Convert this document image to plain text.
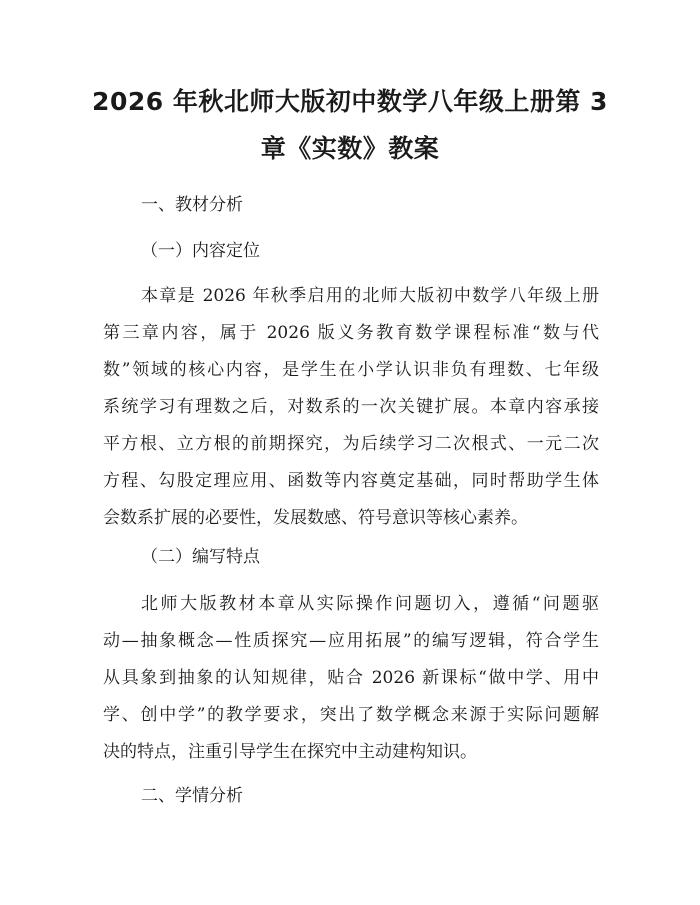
2026 年秋北师大版初中数学八年级上册第 3
章《实数》教案

一、教材分析

（一）内容定位

本章是 2026 年秋季启用的北师大版初中数学八年级上册
第三章内容，属于 2026 版义务教育数学课程标准“数与代
数”领域的核心内容，是学生在小学认识非负有理数、七年级
系统学习有理数之后，对数系的一次关键扩展。本章内容承接
平方根、立方根的前期探究，为后续学习二次根式、一元二次
方程、勾股定理应用、函数等内容奠定基础，同时帮助学生体
会数系扩展的必要性，发展数感、符号意识等核心素养。

（二）编写特点

北师大版教材本章从实际操作问题切入，遵循“问题驱
动—抽象概念—性质探究—应用拓展”的编写逻辑，符合学生
从具象到抽象的认知规律，贴合 2026 新课标“做中学、用中
学、创中学”的教学要求，突出了数学概念来源于实际问题解
决的特点，注重引导学生在探究中主动建构知识。

二、学情分析
